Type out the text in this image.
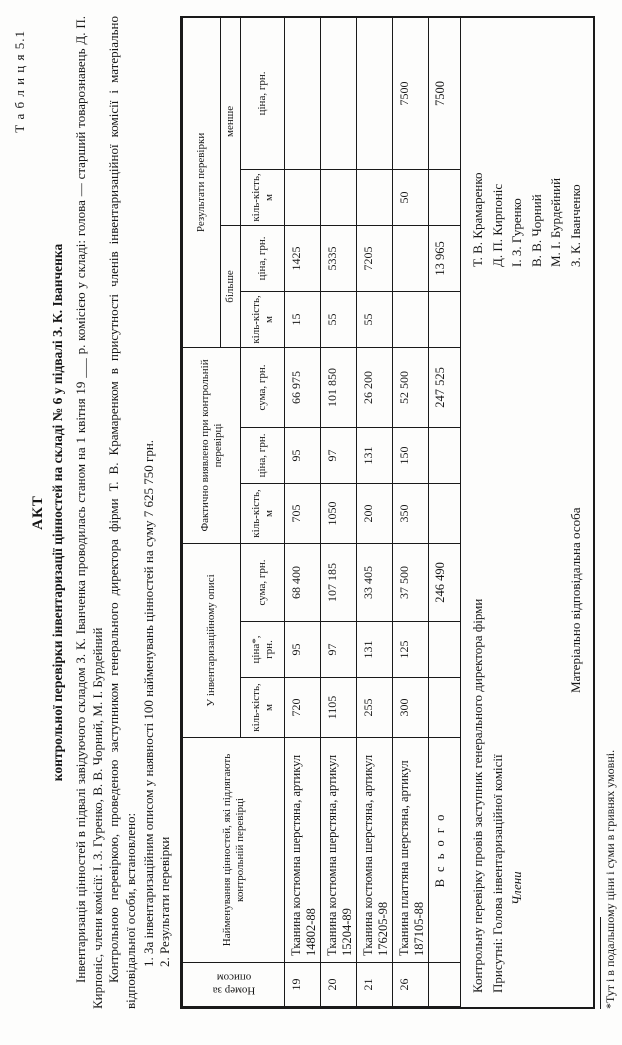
Т а б л и ц я 5.1
АКТ контрольної перевірки інвентаризації цінностей на складі № 6 у підвалі З. К. Іванченка Інвентаризація цінностей в підвалі завідуючого складом З. К. Іванченка проводилась станом на 1 квітня 19 ___ р. комісією у складі: голова — старший товарознавець Д. П. Кирпоніс, члени комісії: І. З. Гуренко, В. В. Чорний, М. І. Бурдейний Контрольною перевіркою, проведеною заступником генерального директора фірми Т. В. Крамаренком в присутності членів інвентаризаційної комісії і матеріально відповідальної особи, встановлено: 1. За інвентаризаційним описом у наявності 100 найменувань цінностей на суму 7 625 750 грн. 2. Результати перевірки
Номер за описом	Найменування цінностей, які підлягають контрольній перевірці	У інвентаризаційному описі			Фактично виявлено при контрольній перевірці			Результати перевірки			
								більше		менше	
		кіль-кість, м	ціна*, грн.	сума, грн.	кіль-кість, м	ціна, грн.	сума, грн.	кіль-кість, м	ціна, грн.	кіль-кість, м	ціна, грн.
19	Тканина костюмна шерстяна, артикул 14802-88	720	95	68 400	705	95	66 975	15	1425		
20	Тканина костюмна шерстяна, артикул 15204-89	1105	97	107 185	1050	97	101 850	55	5335		
21	Тканина костюмна шерстяна, артикул 176205-98	255	131	33 405	200	131	26 200	55	7205		
26	Тканина платтяна шерстяна, артикул 187105-88	300	125	37 500	350	150	52 500			50	7500
	В с ь о г о			246 490			247 525		13 965		7500
Контрольну перевірку провів заступник генерального директора фірми
Т. В. Крамаренко
Присутні: Голова інвентаризаційної комісії
Д. П. Кирпоніс
Члени
І. З. Гуренко В. В. Чорний М. І. Бурдейний
Матеріально відповідальна особа
З. К. Іванченко
*Тут і в подальшому ціни і суми в гривнях умовні.
